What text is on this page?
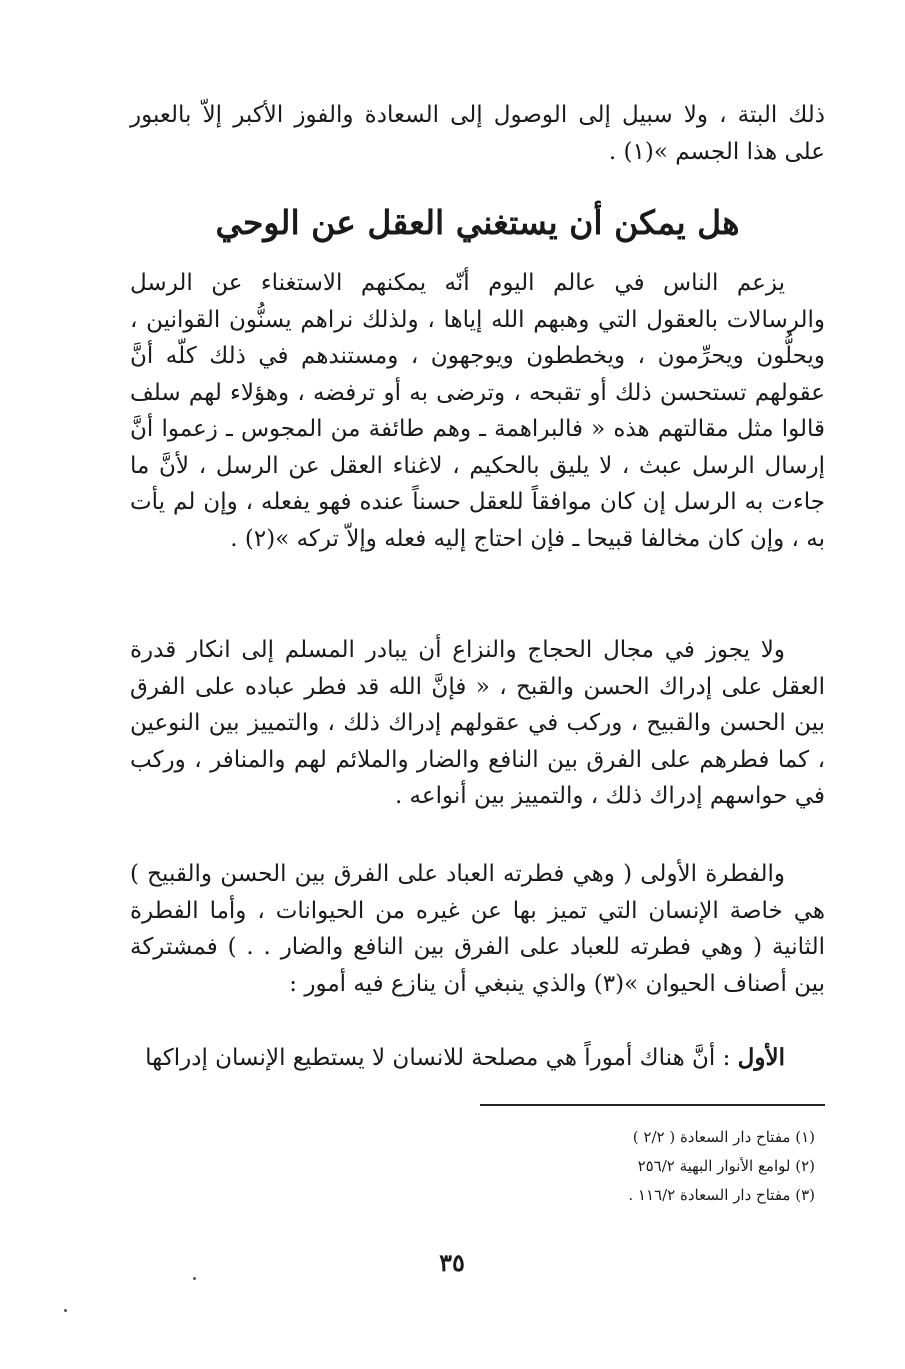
ذلك البتة ، ولا سبيل إلى الوصول إلى السعادة والفوز الأكبر إلاّ بالعبور على هذا الجسم »(١) .

هل يمكن أن يستغني العقل عن الوحي

يزعم الناس في عالم اليوم أنّه يمكنهم الاستغناء عن الرسل والرسالات بالعقول التي وهبهم الله إياها ، ولذلك نراهم يسنُّون القوانين ، ويحلُّون ويحرِّمون ، ويخططون ويوجهون ، ومستندهم في ذلك كلّه أنَّ عقولهم تستحسن ذلك أو تقبحه ، وترضى به أو ترفضه ، وهؤلاء لهم سلف قالوا مثل مقالتهم هذه « فالبراهمة ـ وهم طائفة من المجوس ـ زعموا أنَّ إرسال الرسل عبث ، لا يليق بالحكيم ، لاغناء العقل عن الرسل ، لأنَّ ما جاءت به الرسل إن كان موافقاً للعقل حسناً عنده فهو يفعله ، وإن لم يأت به ، وإن كان مخالفا قبيحا ـ فإن احتاج إليه فعله وإلاّ تركه »(٢) .

ولا يجوز في مجال الحجاج والنزاع أن يبادر المسلم إلى انكار قدرة العقل على إدراك الحسن والقبح ، « فإنَّ الله قد فطر عباده على الفرق بين الحسن والقبيح ، وركب في عقولهم إدراك ذلك ، والتمييز بين النوعين ، كما فطرهم على الفرق بين النافع والضار والملائم لهم والمنافر ، وركب في حواسهم إدراك ذلك ، والتمييز بين أنواعه .

والفطرة الأولى ( وهي فطرته العباد على الفرق بين الحسن والقبيح ) هي خاصة الإنسان التي تميز بها عن غيره من الحيوانات ، وأما الفطرة الثانية ( وهي فطرته للعباد على الفرق بين النافع والضار . . ) فمشتركة بين أصناف الحيوان »(٣) والذي ينبغي أن ينازع فيه أمور :

الأول : أنَّ هناك أموراً هي مصلحة للانسان لا يستطيع الإنسان إدراكها

(١) مفتاح دار السعادة ( ٢/٢ )

(٢) لوامع الأنوار البهية ٢٥٦/٢

(٣) مفتاح دار السعادة ١١٦/٢ .

٣٥
